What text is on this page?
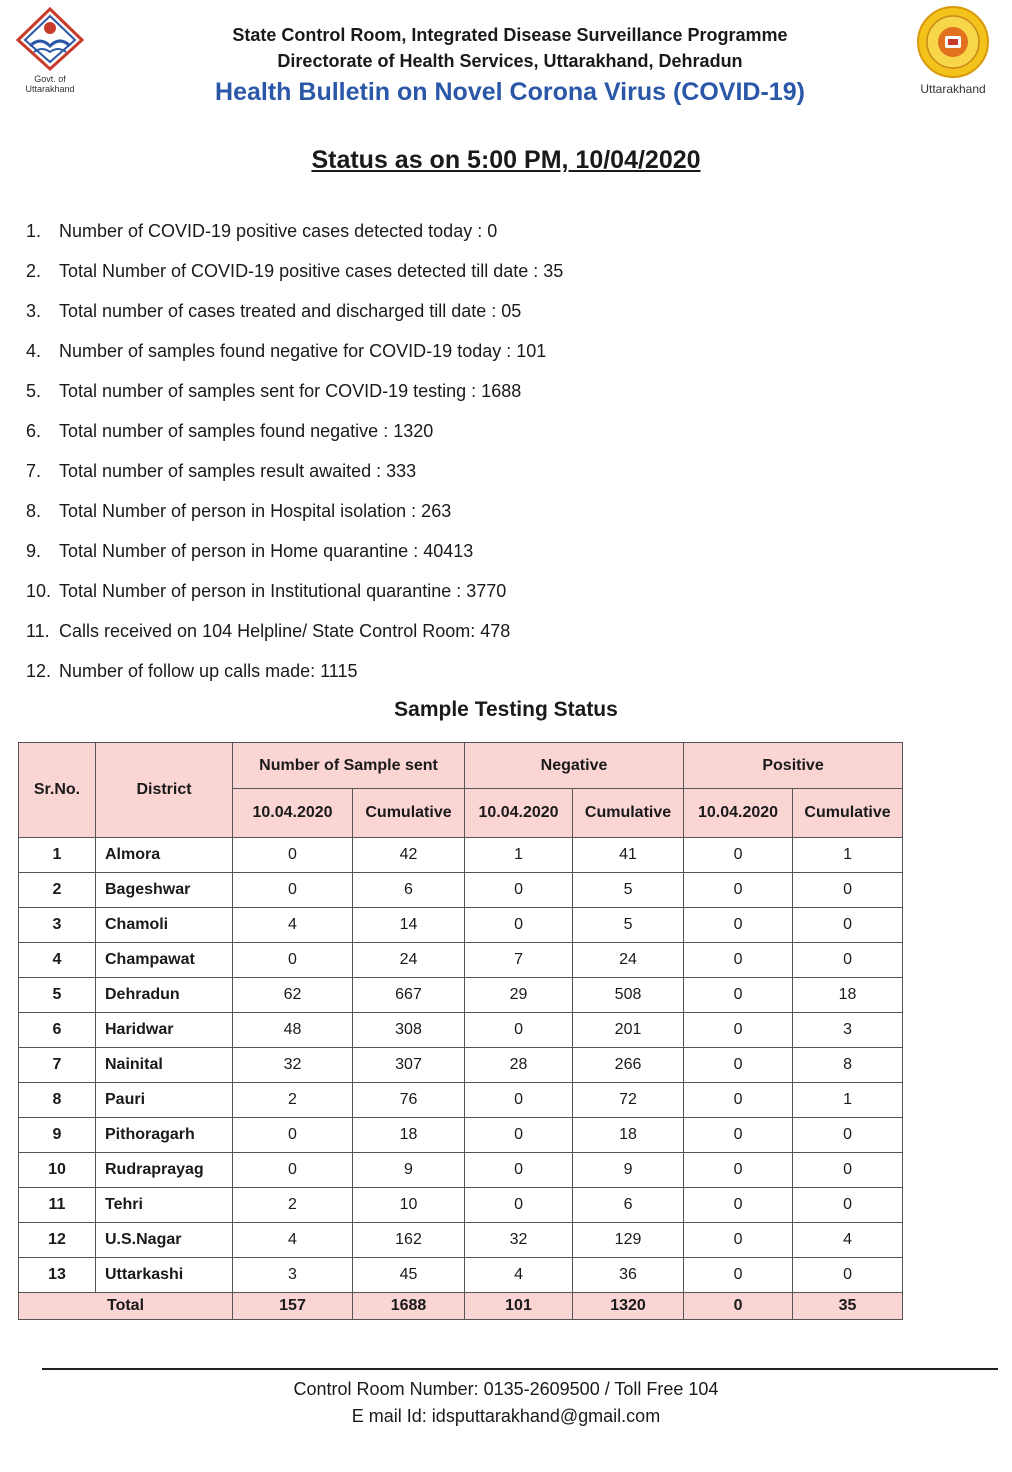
Govt. of Uttarakhand
State Control Room, Integrated Disease Surveillance Programme
Directorate of Health Services, Uttarakhand, Dehradun
Health Bulletin on Novel Corona Virus (COVID-19)	Uttarakhand
Status as on 5:00 PM, 10/04/2020
1. Number of COVID-19 positive cases detected today : 0
2. Total Number of COVID-19 positive cases detected till date : 35
3. Total number of cases treated and discharged till date : 05
4. Number of samples found negative for COVID-19 today : 101
5. Total number of samples sent for COVID-19 testing : 1688
6. Total number of samples found negative : 1320
7. Total number of samples result awaited : 333
8. Total Number of person in Hospital isolation : 263
9. Total Number of person in Home quarantine : 40413
10. Total Number of person in Institutional quarantine : 3770
11. Calls received on 104 Helpline/ State Control Room: 478
12. Number of follow up calls made: 1115
Sample Testing Status
Sr.No.	District	Number of Sample sent		Negative		Positive	
		10.04.2020	Cumulative	10.04.2020	Cumulative	10.04.2020	Cumulative
1	Almora	0	42	1	41	0	1
2	Bageshwar	0	6	0	5	0	0
3	Chamoli	4	14	0	5	0	0
4	Champawat	0	24	7	24	0	0
5	Dehradun	62	667	29	508	0	18
6	Haridwar	48	308	0	201	0	3
7	Nainital	32	307	28	266	0	8
8	Pauri	2	76	0	72	0	1
9	Pithoragarh	0	18	0	18	0	0
10	Rudraprayag	0	9	0	9	0	0
11	Tehri	2	10	0	6	0	0
12	U.S.Nagar	4	162	32	129	0	4
13	Uttarkashi	3	45	4	36	0	0
Total		157	1688	101	1320	0	35
Control Room Number: 0135-2609500 / Toll Free 104
E mail Id: idsputtarakhand@gmail.com
